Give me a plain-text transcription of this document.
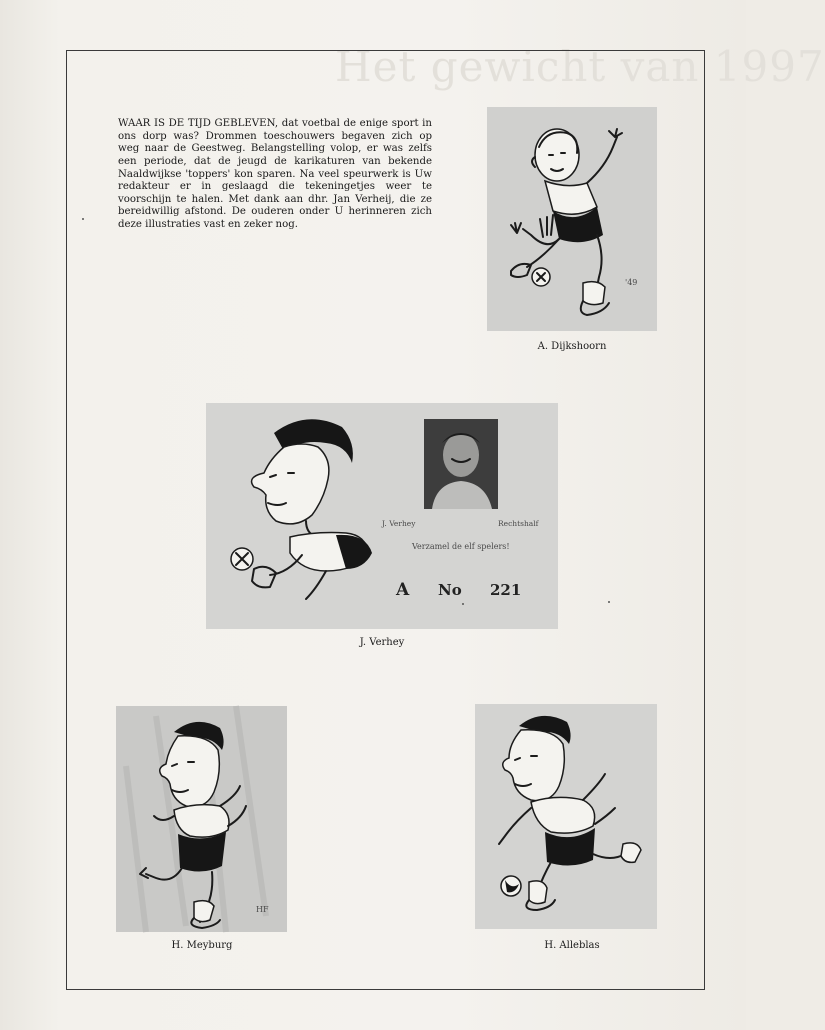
Het gewicht van 1997

WAAR IS DE TIJD GEBLEVEN, dat voetbal de enige sport in ons dorp was? Drommen toeschouwers begaven zich op weg naar de Geestweg. Belangstelling volop, er was zelfs een periode, dat de jeugd de karikaturen van bekende Naaldwijkse 'toppers' kon sparen. Na veel speurwerk is Uw redakteur er in geslaagd die tekeningetjes weer te voorschijn te halen. Met dank aan dhr. Jan Verheij, die ze bereidwillig afstond. De ouderen onder U herinneren zich deze illustraties vast en zeker nog.

'49
A. Dijkshoorn
J. Verhey	Rechtshalf
Verzamel de elf spelers!
A No 221
J. Verhey
HF
H. Meyburg	H. Alleblas
